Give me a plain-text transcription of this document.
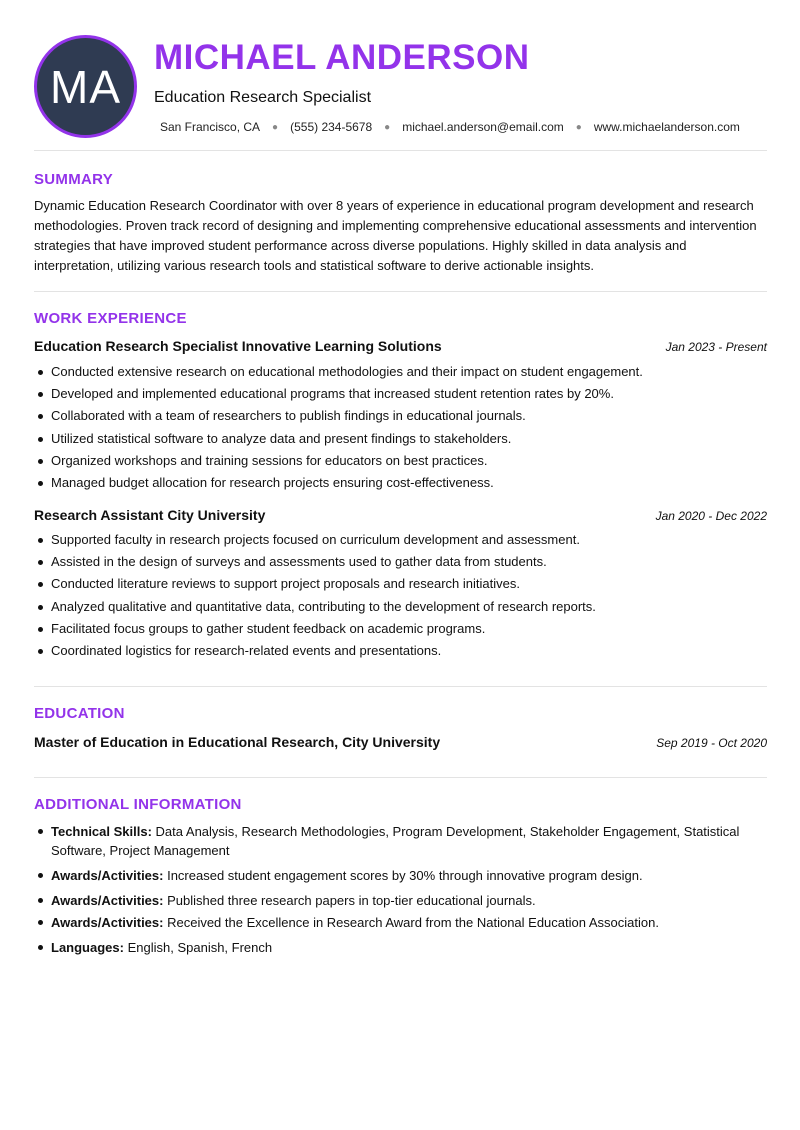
MA
MICHAEL ANDERSON
Education Research Specialist
San Francisco, CA ● (555) 234-5678 ● michael.anderson@email.com ● www.michaelanderson.com
SUMMARY
Dynamic Education Research Coordinator with over 8 years of experience in educational program development and research methodologies. Proven track record of designing and implementing comprehensive educational assessments and intervention strategies that have improved student performance across diverse populations. Highly skilled in data analysis and interpretation, utilizing various research tools and statistical software to derive actionable insights.
WORK EXPERIENCE
Education Research Specialist Innovative Learning Solutions	Jan 2023 - Present
Conducted extensive research on educational methodologies and their impact on student engagement.
Developed and implemented educational programs that increased student retention rates by 20%.
Collaborated with a team of researchers to publish findings in educational journals.
Utilized statistical software to analyze data and present findings to stakeholders.
Organized workshops and training sessions for educators on best practices.
Managed budget allocation for research projects ensuring cost-effectiveness.
Research Assistant City University	Jan 2020 - Dec 2022
Supported faculty in research projects focused on curriculum development and assessment.
Assisted in the design of surveys and assessments used to gather data from students.
Conducted literature reviews to support project proposals and research initiatives.
Analyzed qualitative and quantitative data, contributing to the development of research reports.
Facilitated focus groups to gather student feedback on academic programs.
Coordinated logistics for research-related events and presentations.
EDUCATION
Master of Education in Educational Research, City University	Sep 2019 - Oct 2020
ADDITIONAL INFORMATION
Technical Skills: Data Analysis, Research Methodologies, Program Development, Stakeholder Engagement, Statistical Software, Project Management
Awards/Activities: Increased student engagement scores by 30% through innovative program design.
Awards/Activities: Published three research papers in top-tier educational journals.
Awards/Activities: Received the Excellence in Research Award from the National Education Association.
Languages: English, Spanish, French
